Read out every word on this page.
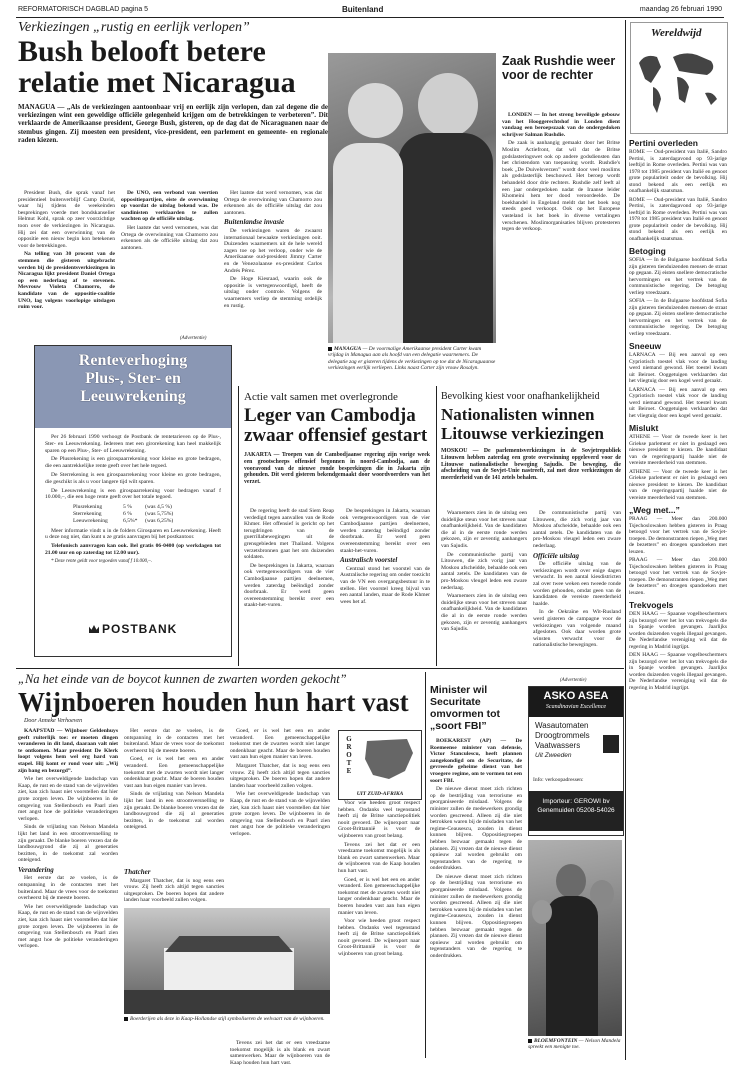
REFORMATORISCH DAGBLAD pagina 5	Buitenland	maandag 26 februari 1990
Verkiezingen „rustig en eerlijk verlopen”
Bush belooft betere
relatie met Nicaragua
MANAGUA — „Als de verkiezingen aantoonbaar vrij en eerlijk zijn verlopen, dan zal degene die de verkiezingen wint een geweldige officiële gelegenheid krijgen om de betrekkingen te verbeteren”. Dit verklaarde de Amerikaanse president, George Bush, gisteren, op de dag dat de Nicaraguanen naar de stembus gingen. Zij moesten een president, vice-president, een parlement en gemeente- en regionale raden kiezen.

President Bush, die sprak vanaf het presidentieel buitenverblijf Camp David, waar hij tijdens de weekeinden besprekingen voerde met bondskanselier Helmut Kohl, sprak op zeer voorzichtige toon over de verkiezingen in Nicaragua. Hij zei dat een overwinning van de oppositie een nieuw begin kon betekenen voor de betrekkingen.

Na telling van 30 procent van de stemmen die gisteren uitgebracht werden bij de presidentsverkiezingen in Nicaragua lijkt president Daniel Ortega op een nederlaag af te stevenen. Mevrouw Violeta Chamorro, de kandidate van de oppositie-coalitie UNO, lag volgens voorlopige uitslagen ruim voor.

De UNO, een verbond van veertien oppositiepartijen, eiste de overwinning op voordat de uitslag bekend was. De sandinisten verklaarden te zullen wachten op de officiële uitslag.

Het laatste dat werd vernomen, was dat Ortega de overwinning van Chamorro zou erkennen als de officiële uitslag dat zou aantonen.

Het laatste dat werd vernomen, was dat Ortega de overwinning van Chamorro zou erkennen als de officiële uitslag dat zou aantonen.

Buitenlandse invasie

De verkiezingen waren de zwaarst internationaal bewaakte verkiezingen ooit. Duizenden waarnemers uit de hele wereld zagen toe op het verloop, onder wie de Amerikaanse oud-president Jimmy Carter en de Venezolaanse ex-president Carlos Andrés Pérez.

De Hoge Kiesraad, waarin ook de oppositie is vertegenwoordigd, heeft de uitslag onder controle. Volgens de waarnemers verliep de stemming ordelijk en rustig.

MANAGUA — De voormalige Amerikaanse president Carter kwam vrijdag in Managua aan als hoofd van een delegatie waarnemers. De delegatie zag er gisteren tijdens de verkiezingen op toe dat de Nicaraguaanse verkiezingen eerlijk verliepen. Links naast Carter zijn vrouw Rosalyn.
Zaak Rushdie weer voor de rechter

LONDEN — In het streng beveiligde gebouw van het Hooggerechtshof in Londen dient vandaag een beroepszaak van de ondergedoken schrijver Salman Rushdie.

De zaak is aanhangig gemaakt door het Britse Moslim Actiefront, dat wil dat de Britse godslasteringswet ook op andere godsdiensten dan het christendom van toepassing wordt. Rushdie's boek „De Duivelsverzen” wordt door veel moslims als godslasterlijk beschouwd. Het beroep wordt behandeld door drie rechters. Rushdie zelf leeft al een jaar ondergedoken nadat de Iraanse leider Khomeini hem ter dood veroordeelde. De boekhandel in Engeland meldt dat het boek nog steeds goed verkoopt. Ook op het Europese vasteland is het boek in diverse vertalingen verschenen. Moslimorganisaties blijven protesteren tegen de verkoop.

Wereldwijd
Pertini overleden
ROME — Oud-president van Italië, Sandro Pertini, is zaterdagavond op 93-jarige leeftijd in Rome overleden. Pertini was van 1978 tot 1985 president van Italië en genoot grote populariteit onder de bevolking. Hij stond bekend als een eerlijk en onafhankelijk staatsman.
ROME — Oud-president van Italië, Sandro Pertini, is zaterdagavond op 93-jarige leeftijd in Rome overleden. Pertini was van 1978 tot 1985 president van Italië en genoot grote populariteit onder de bevolking. Hij stond bekend als een eerlijk en onafhankelijk staatsman.
Betoging
SOFIA — In de Bulgaarse hoofdstad Sofia zijn gisteren tienduizenden mensen de straat op gegaan. Zij eisten snellere democratische hervormingen en het vertrek van de communistische regering. De betoging verliep vreedzaam.
SOFIA — In de Bulgaarse hoofdstad Sofia zijn gisteren tienduizenden mensen de straat op gegaan. Zij eisten snellere democratische hervormingen en het vertrek van de communistische regering. De betoging verliep vreedzaam.
Sneeuw
LARNACA — Bij een aanval op een Cypriotisch toestel vlak voor de landing werd niemand gewond. Het toestel kwam uit Beiroet. Ooggetuigen verklaarden dat het vliegtuig door een kogel werd geraakt.
LARNACA — Bij een aanval op een Cypriotisch toestel vlak voor de landing werd niemand gewond. Het toestel kwam uit Beiroet. Ooggetuigen verklaarden dat het vliegtuig door een kogel werd geraakt.
Mislukt
ATHENE — Voor de tweede keer is het Griekse parlement er niet in geslaagd een nieuwe president te kiezen. De kandidaat van de regeringspartij haalde niet de vereiste meerderheid van stemmen.
ATHENE — Voor de tweede keer is het Griekse parlement er niet in geslaagd een nieuwe president te kiezen. De kandidaat van de regeringspartij haalde niet de vereiste meerderheid van stemmen.
„Weg met...”
PRAAG — Meer dan 200.000 Tsjechoslowaken hebben gisteren in Praag betoogd voor het vertrek van de Sovjet-troepen. De demonstranten riepen „Weg met de bezetters” en droegen spandoeken met leuzen.
PRAAG — Meer dan 200.000 Tsjechoslowaken hebben gisteren in Praag betoogd voor het vertrek van de Sovjet-troepen. De demonstranten riepen „Weg met de bezetters” en droegen spandoeken met leuzen.
Trekvogels
DEN HAAG — Spaanse vogelbeschermers zijn bezorgd over het lot van trekvogels die in Spanje worden gevangen. Jaarlijks worden duizenden vogels illegaal gevangen. De Nederlandse vereniging wil dat de regering in Madrid ingrijpt.
DEN HAAG — Spaanse vogelbeschermers zijn bezorgd over het lot van trekvogels die in Spanje worden gevangen. Jaarlijks worden duizenden vogels illegaal gevangen. De Nederlandse vereniging wil dat de regering in Madrid ingrijpt.
(Advertentie)
Renteverhoging
Plus-, Ster- en
Leeuwrekening

Per 26 februari 1990 verhoogt de Postbank de rentetarieven op de Plus-, Ster- en Leeuwrekening. Iedereen met een girorekening kan heel makkelijk sparen op een Plus-, Ster- of Leeuwrekening.

De Plusrekening is een girospaarrekening voor kleine en grote bedragen, die een aantrekkelijke rente geeft over het hele tegoed.

De Sterrekening is een girospaarrekening voor kleine en grote bedragen, die geschikt is als u voor langere tijd wilt sparen.

De Leeuwrekening is een girospaarrekening voor bedragen vanaf f 10.000,–, die een hoge rente geeft over het totale tegoed.

Plusrekening	5 % (was 4,5 %)
Sterrekening	6 % (was 5,75%)
Leeuwrekening	6,5%* (was 6,25%)

Meer informatie vindt u in de folders Girosparen en Leeuwrekening. Heeft u deze nog niet, dan kunt u ze gratis aanvragen bij het postkantoor.

Telefonisch aanvragen kan ook. Bel gratis 06-0400 (op werkdagen tot 21.00 uur en op zaterdag tot 12.00 uur).

* Deze rente geldt voor tegoeden vanaf f 10.000,–.

POSTBANK
Actie valt samen met overlegronde
Leger van Cambodja
zwaar offensief gestart
JAKARTA — Troepen van de Cambodjaanse regering zijn vorige week een grootscheeps offensief begonnen in noord-Cambodja, aan de vooravond van de nieuwe ronde besprekingen die in Jakarta zijn gehouden. Dit werd gisteren bekendgemaakt door woordvoerders van het verzet.

De regering heeft de stad Siem Reap verdedigd tegen aanvallen van de Rode Khmer. Het offensief is gericht op het terugdringen van de guerrillabewegingen uit de grensgebieden met Thailand. Volgens verzetsbronnen gaat het om duizenden soldaten.

De besprekingen in Jakarta, waaraan ook vertegenwoordigers van de vier Cambodjaanse partijen deelnemen, werden zaterdag beëindigd zonder doorbraak. Er werd geen overeenstemming bereikt over een staakt-het-vuren.

De besprekingen in Jakarta, waaraan ook vertegenwoordigers van de vier Cambodjaanse partijen deelnemen, werden zaterdag beëindigd zonder doorbraak. Er werd geen overeenstemming bereikt over een staakt-het-vuren.

Australisch voorstel

Centraal stond het voorstel van de Australische regering om onder toezicht van de VN een overgangsbestuur in te stellen. Het voorstel kreeg bijval van een aantal landen, maar de Rode Khmer wees het af.

Bevolking kiest voor onafhankelijkheid
Nationalisten winnen
Litouwse verkiezingen
MOSKOU — De parlementsverkiezingen in de Sovjetrepubliek Litouwen hebben zaterdag een grote overwinning opgeleverd voor de Litouwse nationalistische beweging Sajudis. De beweging, die afscheiding van de Sovjet-Unie nastreeft, zal met deze verkiezingen de meerderheid van de 141 zetels behalen.

Waarnemers zien in de uitslag een duidelijke steun voor het streven naar onafhankelijkheid. Van de kandidaten die al in de eerste ronde werden gekozen, zijn er zeventig aanhangers van Sajudis.

De communistische partij van Litouwen, die zich vorig jaar van Moskou afscheidde, behaalde ook een aantal zetels. De kandidaten van de pro-Moskou vleugel leden een zware nederlaag.

Waarnemers zien in de uitslag een duidelijke steun voor het streven naar onafhankelijkheid. Van de kandidaten die al in de eerste ronde werden gekozen, zijn er zeventig aanhangers van Sajudis.

De communistische partij van Litouwen, die zich vorig jaar van Moskou afscheidde, behaalde ook een aantal zetels. De kandidaten van de pro-Moskou vleugel leden een zware nederlaag.

Officiële uitslag

De officiële uitslag van de verkiezingen wordt over enige dagen verwacht. In een aantal kiesdistricten zal over twee weken een tweede ronde worden gehouden, omdat geen van de kandidaten de vereiste meerderheid haalde.

In de Oekraïne en Wit-Rusland werd gisteren de campagne voor de verkiezingen van volgende maand afgesloten. Ook daar worden grote winsten verwacht voor de nationalistische bewegingen.

„Na het einde van de boycot kunnen de zwarten worden gekocht”
Wijnboeren houden hun hart vast
Door Anneke Verhoeven

KAAPSTAD — Wijnboer Geldenhuys geeft ruiterlijk toe: er moeten dingen veranderen in dit land, daaraan valt niet te ontkomen. Maar president De Klerk loopt volgens hem wel erg hard van stapel. Hij komt er rond voor uit: „Wij zijn bang en bezorgd”.

Wie het overweldigende landschap van Kaap, de rust en de stand van de wijnvelden ziet, kan zich haast niet voorstellen dat hier grote zorgen leven. De wijnboeren in de omgeving van Stellenbosch en Paarl zien met angst hoe de politieke veranderingen verlopen.

Sinds de vrijlating van Nelson Mandela lijkt het land in een stroomversnelling te zijn geraakt. De blanke boeren vrezen dat de landbouwgrond die zij al generaties bezitten, in de toekomst zal worden onteigend.

Verandering

Het eerste dat ze voelen, is de ontspanning in de contacten met het buitenland. Maar de vrees voor de toekomst overheerst bij de meeste boeren.

Wie het overweldigende landschap van Kaap, de rust en de stand van de wijnvelden ziet, kan zich haast niet voorstellen dat hier grote zorgen leven. De wijnboeren in de omgeving van Stellenbosch en Paarl zien met angst hoe de politieke veranderingen verlopen.

Het eerste dat ze voelen, is de ontspanning in de contacten met het buitenland. Maar de vrees voor de toekomst overheerst bij de meeste boeren.

Goed, er is wel het een en ander veranderd. Een gemeenschappelijke toekomst met de zwarten wordt niet langer ondenkbaar geacht. Maar de boeren houden vast aan hun eigen manier van leven.

Sinds de vrijlating van Nelson Mandela lijkt het land in een stroomversnelling te zijn geraakt. De blanke boeren vrezen dat de landbouwgrond die zij al generaties bezitten, in de toekomst zal worden onteigend.

Thatcher

Margaret Thatcher, dat is nog eens een vrouw. Zij heeft zich altijd tegen sancties uitgesproken. De boeren hopen dat andere landen haar voorbeeld zullen volgen.

Goed, er is wel het een en ander veranderd. Een gemeenschappelijke toekomst met de zwarten wordt niet langer ondenkbaar geacht. Maar de boeren houden vast aan hun eigen manier van leven.

Margaret Thatcher, dat is nog eens een vrouw. Zij heeft zich altijd tegen sancties uitgesproken. De boeren hopen dat andere landen haar voorbeeld zullen volgen.

Wie het overweldigende landschap van Kaap, de rust en de stand van de wijnvelden ziet, kan zich haast niet voorstellen dat hier grote zorgen leven. De wijnboeren in de omgeving van Stellenbosch en Paarl zien met angst hoe de politieke veranderingen verlopen.

G
R
O
T
E
UIT ZUID-AFRIKA
Boerderijen als deze in Kaap-Hollandse stijl symboliseren de welvaart van de wijnboeren.

Voor wie heeden groot respect hebben. Ondanks veel tegenstand heeft zij de Britse sanctiepolitiek nooit gevoerd. De wijnexport naar Groot-Brittannië is voor de wijnboeren van groot belang.

Tevens zei het dat er een vreedzame toekomst mogelijk is als blank en zwart samenwerken. Maar de wijnboeren van de Kaap houden hun hart vast.

Goed, er is wel het een en ander veranderd. Een gemeenschappelijke toekomst met de zwarten wordt niet langer ondenkbaar geacht. Maar de boeren houden vast aan hun eigen manier van leven.

Voor wie heeden groot respect hebben. Ondanks veel tegenstand heeft zij de Britse sanctiepolitiek nooit gevoerd. De wijnexport naar Groot-Brittannië is voor de wijnboeren van groot belang.

Tevens zei het dat er een vreedzame toekomst mogelijk is als blank en zwart samenwerken. Maar de wijnboeren van de Kaap houden hun hart vast.

Minister wil Securitate omvormen tot „soort FBI”

BOEKAREST (AP) — De Roemeense minister van defensie, Victor Stanculescu, heeft plannen aangekondigd om de Securitate, de gevreesde geheime dienst van het vroegere regime, om te vormen tot een soort FBI.

De nieuwe dienst moet zich richten op de bestrijding van terrorisme en georganiseerde misdaad. Volgens de minister zullen de medewerkers grondig worden gescreend. Alleen zij die niet betrokken waren bij de misdaden van het regime-Ceausescu, zouden in dienst kunnen blijven. Oppositiegroepen hebben bezwaar gemaakt tegen de plannen. Zij vrezen dat de nieuwe dienst opnieuw zal worden gebruikt om tegenstanders van de regering te onderdrukken.

De nieuwe dienst moet zich richten op de bestrijding van terrorisme en georganiseerde misdaad. Volgens de minister zullen de medewerkers grondig worden gescreend. Alleen zij die niet betrokken waren bij de misdaden van het regime-Ceausescu, zouden in dienst kunnen blijven. Oppositiegroepen hebben bezwaar gemaakt tegen de plannen. Zij vrezen dat de nieuwe dienst opnieuw zal worden gebruikt om tegenstanders van de regering te onderdrukken.

(Advertentie)
ASKO ASEA
Scandinavian Excellence
Wasautomaten
Droogtrommels
Vaatwassers
Uit Zweeden
Info: verkoopadressen:
Importeur: GEROWI bv
Genemuiden 05208-54026
BLOEMFONTEIN — Nelson Mandela spreekt een menigte toe.
